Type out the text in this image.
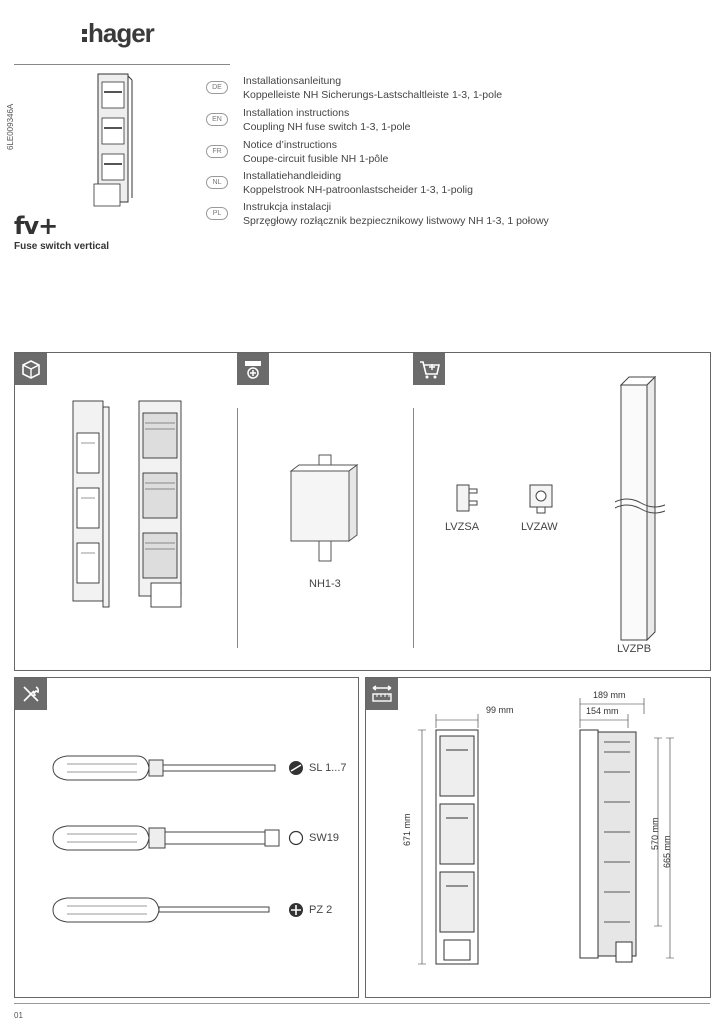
hager
6LE009346A
fv+
Fuse switch vertical
DE
Installationsanleitung
Koppelleiste NH Sicherungs-Lastschaltleiste 1-3, 1-pole
EN
Installation instructions
Coupling NH fuse switch 1-3, 1-pole
FR
Notice d’instructions
Coupe-circuit fusible NH 1-pôle
NL
Installatiehandleiding
Koppelstrook NH-patroonlastscheider 1-3, 1-polig
PL
Instrukcja instalacji
Sprzęgłowy rozłącznik bezpiecznikowy listwowy NH 1-3, 1 połowy
NH1-3
LVZSA	LVZAW
LVZPB
SL 1...7
SW19
PZ 2
99 mm
671 mm
189 mm
154 mm
570 mm
665 mm
01
